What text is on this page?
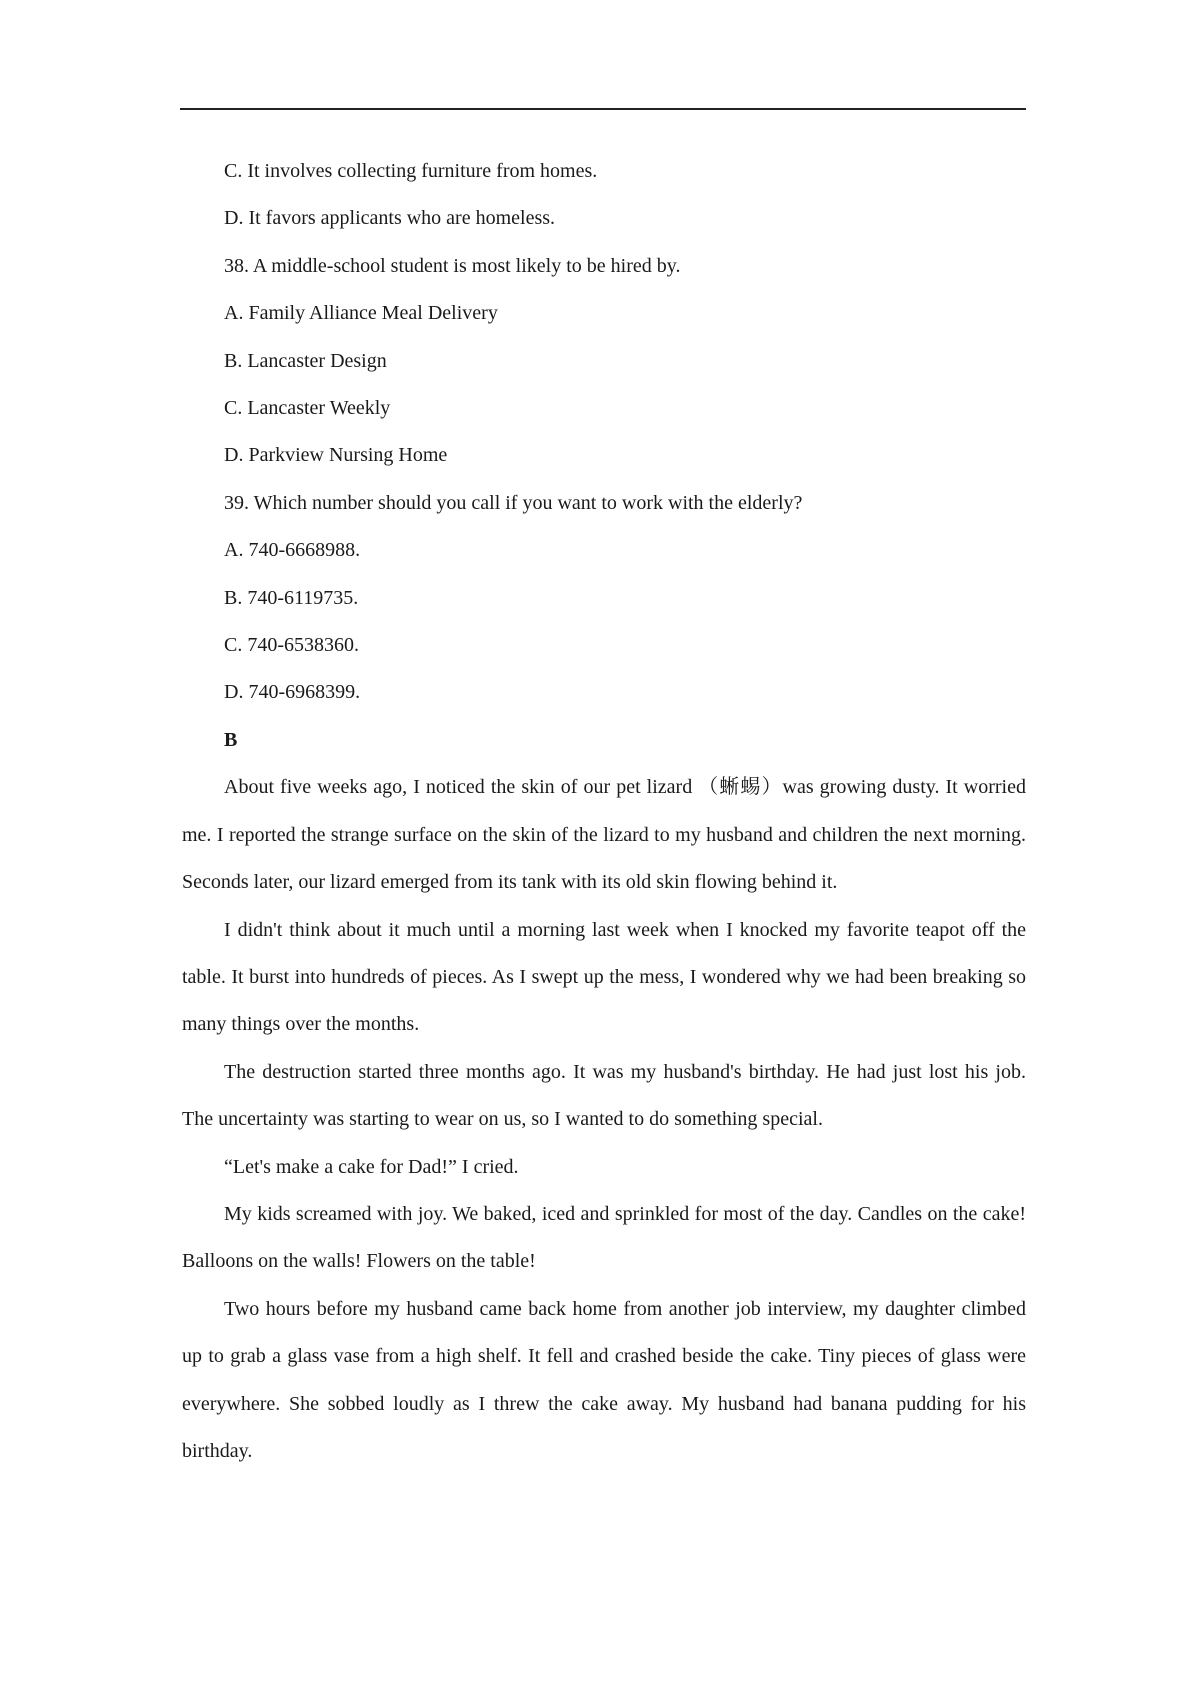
C. It involves collecting furniture from homes.

D. It favors applicants who are homeless.

38. A middle-school student is most likely to be hired by.

A. Family Alliance Meal Delivery

B. Lancaster Design

C. Lancaster Weekly

D. Parkview Nursing Home

39. Which number should you call if you want to work with the elderly?

A. 740-6668988.

B. 740-6119735.

C. 740-6538360.

D. 740-6968399.

B

About five weeks ago, I noticed the skin of our pet lizard （蜥蜴）was growing dusty. It worried me. I reported the strange surface on the skin of the lizard to my husband and children the next morning. Seconds later, our lizard emerged from its tank with its old skin flowing behind it.

I didn't think about it much until a morning last week when I knocked my favorite teapot off the table. It burst into hundreds of pieces. As I swept up the mess, I wondered why we had been breaking so many things over the months.

The destruction started three months ago. It was my husband's birthday. He had just lost his job. The uncertainty was starting to wear on us, so I wanted to do something special.

“Let's make a cake for Dad!” I cried.

My kids screamed with joy. We baked, iced and sprinkled for most of the day. Candles on the cake! Balloons on the walls! Flowers on the table!

Two hours before my husband came back home from another job interview, my daughter climbed up to grab a glass vase from a high shelf. It fell and crashed beside the cake. Tiny pieces of glass were everywhere. She sobbed loudly as I threw the cake away. My husband had banana pudding for his birthday.
